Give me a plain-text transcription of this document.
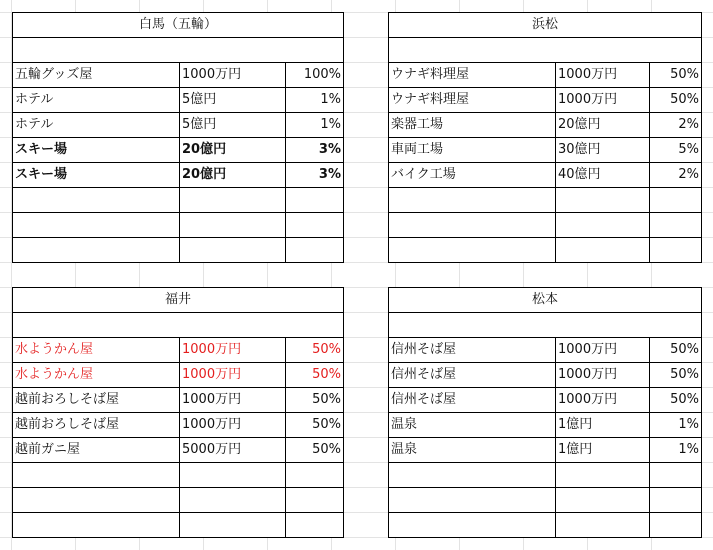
白馬（五輪）		

五輪グッズ屋	1000万円	100%
ホテル	5億円	1%
ホテル	5億円	1%
スキー場	20億円	3%
スキー場	20億円	3%

浜松		

ウナギ料理屋	1000万円	50%
ウナギ料理屋	1000万円	50%
楽器工場	20億円	2%
車両工場	30億円	5%
バイク工場	40億円	2%

福井		

水ようかん屋	1000万円	50%
水ようかん屋	1000万円	50%
越前おろしそば屋	1000万円	50%
越前おろしそば屋	1000万円	50%
越前ガニ屋	5000万円	50%

松本		

信州そば屋	1000万円	50%
信州そば屋	1000万円	50%
信州そば屋	1000万円	50%
温泉	1億円	1%
温泉	1億円	1%
